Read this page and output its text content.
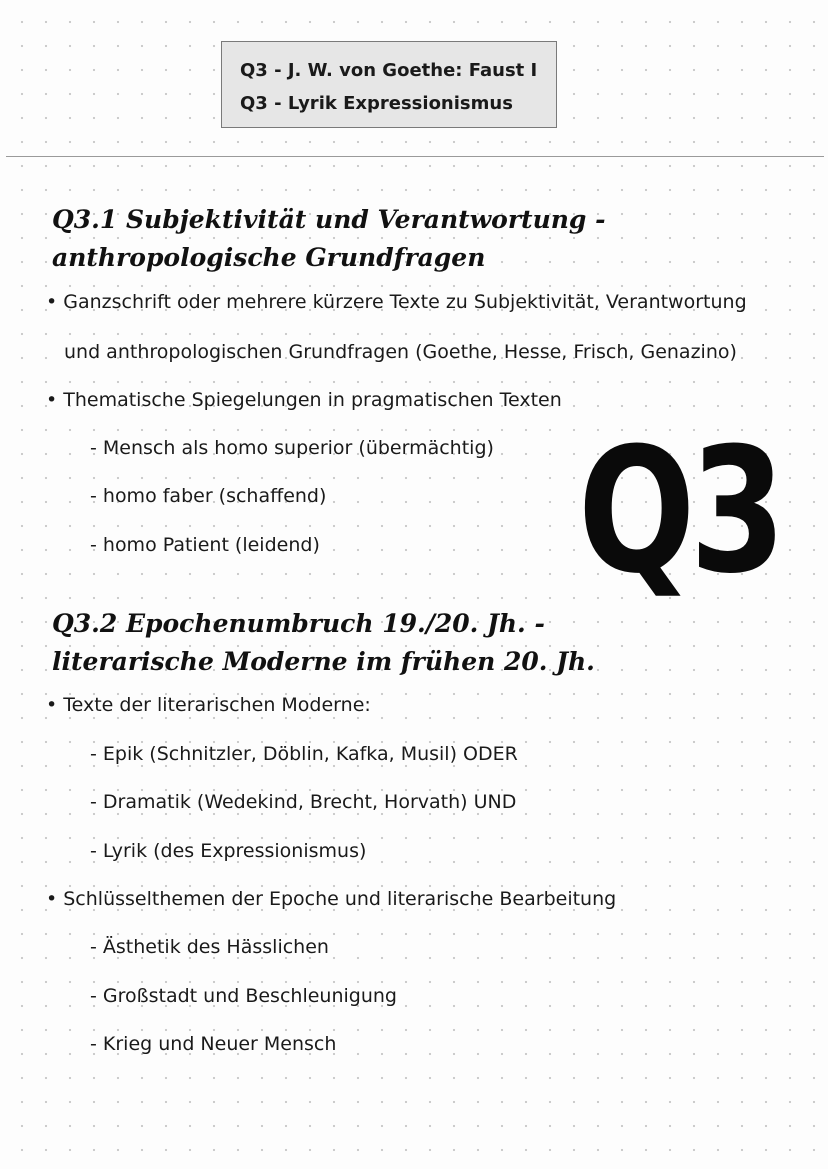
Q3 - J. W. von Goethe: Faust I
Q3 - Lyrik Expressionismus
Q3.1 Subjektivität und Verantwortung -
anthropologische Grundfragen
• Ganzschrift oder mehrere kürzere Texte zu Subjektivität, Verantwortung
und anthropologischen Grundfragen (Goethe, Hesse, Frisch, Genazino)
• Thematische Spiegelungen in pragmatischen Texten
- Mensch als homo superior (übermächtig)
- homo faber (schaffend)
- homo Patient (leidend) Q3
Q3.2 Epochenumbruch 19./20. Jh. -
literarische Moderne im frühen 20. Jh.
• Texte der literarischen Moderne:
- Epik (Schnitzler, Döblin, Kafka, Musil) ODER
- Dramatik (Wedekind, Brecht, Horvath) UND
- Lyrik (des Expressionismus)
• Schlüsselthemen der Epoche und literarische Bearbeitung
- Ästhetik des Hässlichen
- Großstadt und Beschleunigung
- Krieg und Neuer Mensch
